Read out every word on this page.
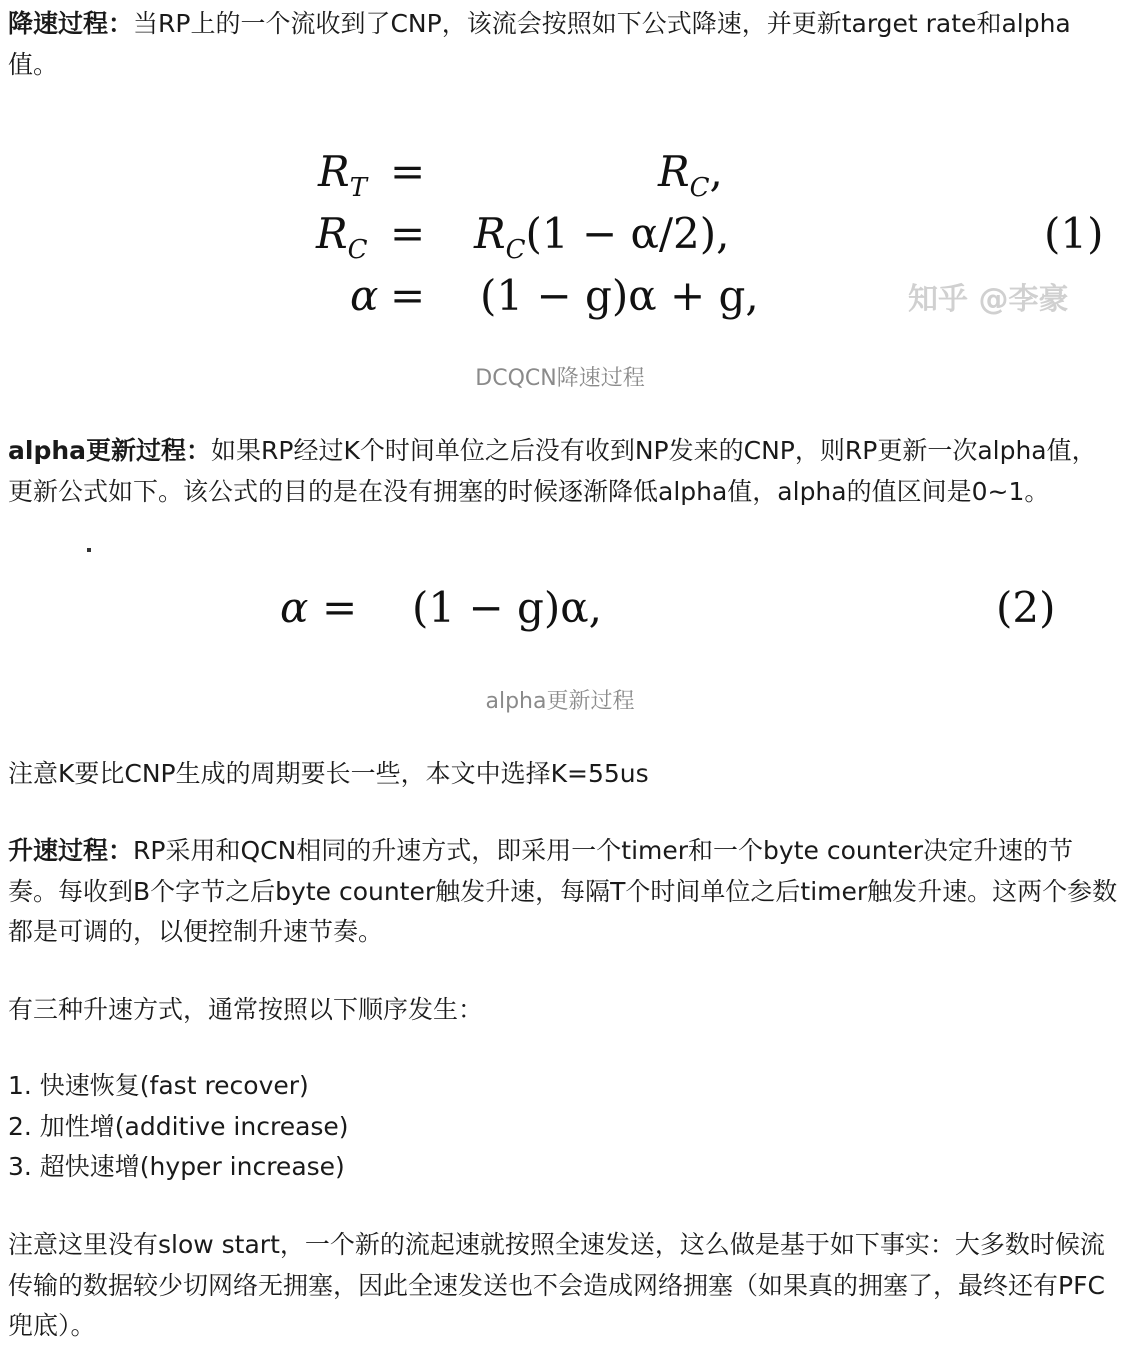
降速过程：当RP上的一个流收到了CNP，该流会按照如下公式降速，并更新target rate和alpha值。

$R_T$ =	$R_C$,
$R_C = R_C(1 - \alpha/2)$,
α = (1 − g)α + g,
(1)
知乎 @李豪
DCQCN降速过程

alpha更新过程：如果RP经过K个时间单位之后没有收到NP发来的CNP，则RP更新一次alpha值，更新公式如下。该公式的目的是在没有拥塞的时候逐渐降低alpha值，alpha的值区间是0~1。

α = (1 − g)α,	(2)
alpha更新过程

注意K要比CNP生成的周期要长一些，本文中选择K=55us

升速过程：RP采用和QCN相同的升速方式，即采用一个timer和一个byte counter决定升速的节奏。每收到B个字节之后byte counter触发升速，每隔T个时间单位之后timer触发升速。这两个参数都是可调的，以便控制升速节奏。

有三种升速方式，通常按照以下顺序发生：

1. 快速恢复(fast recover)
2. 加性增(additive increase)
3. 超快速增(hyper increase)

注意这里没有slow start，一个新的流起速就按照全速发送，这么做是基于如下事实：大多数时候流传输的数据较少切网络无拥塞，因此全速发送也不会造成网络拥塞（如果真的拥塞了，最终还有PFC兜底）。
